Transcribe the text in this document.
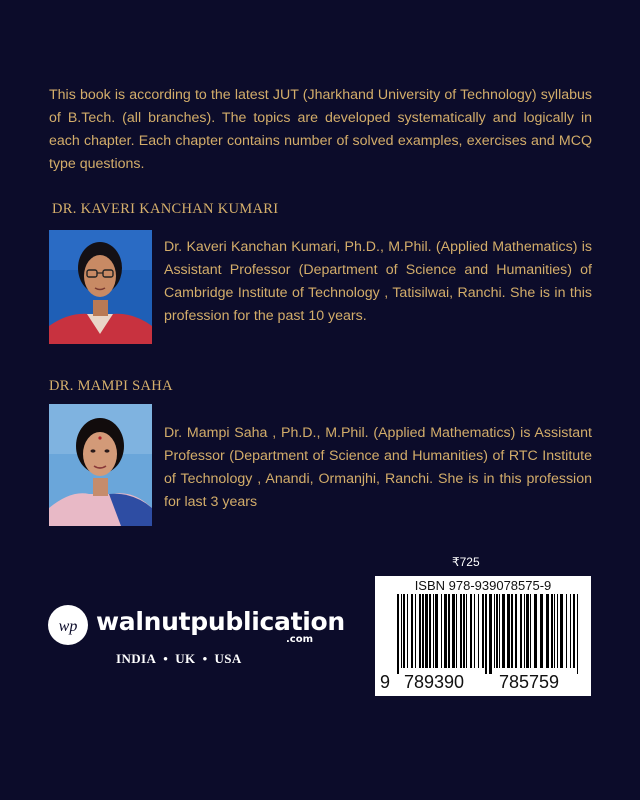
This book is according to the latest JUT (Jharkhand University of Technology) syllabus of B.Tech. (all branches). The topics are developed systematically and logically in each chapter. Each chapter contains number of solved examples, exercises and MCQ type questions.

DR. KAVERI KANCHAN KUMARI

Dr. Kaveri Kanchan Kumari, Ph.D., M.Phil. (Applied Mathematics) is Assistant Professor (Department of Science and Humanities) of Cambridge Institute of Technology , Tatisilwai, Ranchi. She is in this profession for the past 10 years.

DR. MAMPI SAHA

Dr. Mampi Saha , Ph.D., M.Phil. (Applied Mathematics) is Assistant Professor (Department of Science and Humanities) of RTC Institute of Technology , Anandi, Ormanjhi, Ranchi. She is in this profession for last 3 years

₹725
ISBN 978-939078575-9
9 789390 785759
wp walnutpublication
.com
INDIA • UK • USA
